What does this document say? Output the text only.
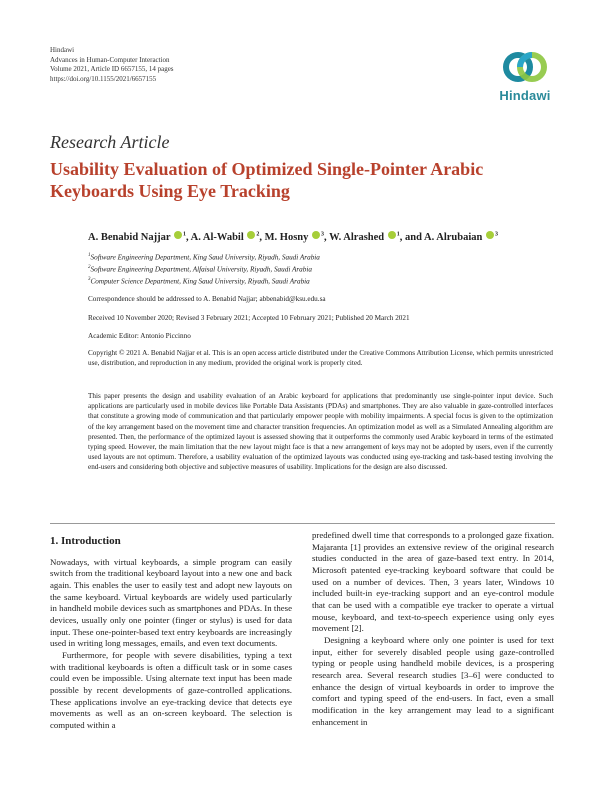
Hindawi
Advances in Human-Computer Interaction
Volume 2021, Article ID 6657155, 14 pages
https://doi.org/10.1155/2021/6657155
Hindawi
Research Article
Usability Evaluation of Optimized Single-Pointer Arabic Keyboards Using Eye Tracking
A. Benabid Najjar $^1$, A. Al-Wabil $^2$, M. Hosny $^3$, W. Alrashed $^1$, and A. Alrubaian $^3$
$^1$Software Engineering Department, King Saud University, Riyadh, Saudi Arabia
$^2$Software Engineering Department, Alfaisal University, Riyadh, Saudi Arabia
$^3$Computer Science Department, King Saud University, Riyadh, Saudi Arabia
Correspondence should be addressed to A. Benabid Najjar; abbenabid@ksu.edu.sa
Received 10 November 2020; Revised 3 February 2021; Accepted 10 February 2021; Published 20 March 2021
Academic Editor: Antonio Piccinno
Copyright © 2021 A. Benabid Najjar et al. This is an open access article distributed under the Creative Commons Attribution License, which permits unrestricted use, distribution, and reproduction in any medium, provided the original work is properly cited.
This paper presents the design and usability evaluation of an Arabic keyboard for applications that predominantly use single-pointer input device. Such applications are particularly used in mobile devices like Portable Data Assistants (PDAs) and smartphones. They are also valuable in gaze-controlled interfaces that constitute a growing mode of communication and that particularly empower people with mobility impairments. A special focus is given to the optimization of the key arrangement based on the movement time and character transition frequencies. An optimization model as well as a Simulated Annealing algorithm are presented. Then, the performance of the optimized layout is assessed showing that it outperforms the commonly used Arabic keyboard in terms of the estimated typing speed. However, the main limitation that the new layout might face is that a new arrangement of keys may not be adopted by users, even if the currently used layouts are not optimum. Therefore, a usability evaluation of the optimized layouts was conducted using eye-tracking and task-based testing involving the end-users and considering both objective and subjective measures of usability. Implications for the design are also discussed.
1. Introduction

Nowadays, with virtual keyboards, a simple program can easily switch from the traditional keyboard layout into a new one and back again. This enables the user to easily test and adopt new layouts on the same keyboard. Virtual keyboards are widely used particularly in handheld mobile devices such as smartphones and PDAs. In these devices, usually only one pointer (finger or stylus) is used for data input. These one-pointer-based text entry keyboards are increasingly used in writing long messages, emails, and even text documents.

Furthermore, for people with severe disabilities, typing a text with traditional keyboards is often a difficult task or in some cases could even be impossible. Using alternate text input has been made possible by recent developments of gaze-controlled applications. These applications involve an eye-tracking device that detects eye movements as well as an on-screen keyboard. The selection is computed within a

predefined dwell time that corresponds to a prolonged gaze fixation. Majaranta [1] provides an extensive review of the original research studies conducted in the area of gaze-based text entry. In 2014, Microsoft patented eye-tracking keyboard software that could be used on a number of devices. Then, 3 years later, Windows 10 included built-in eye-tracking support and an eye-control module that can be used with a compatible eye tracker to operate a virtual mouse, keyboard, and text-to-speech experience using only eyes movement [2].

Designing a keyboard where only one pointer is used for text input, either for severely disabled people using gaze-controlled typing or people using handheld mobile devices, is a prospering research area. Several research studies [3–6] were conducted to enhance the design of virtual keyboards in order to improve the comfort and typing speed of the end-users. In fact, even a small modification in the key arrangement may lead to a significant enhancement in
